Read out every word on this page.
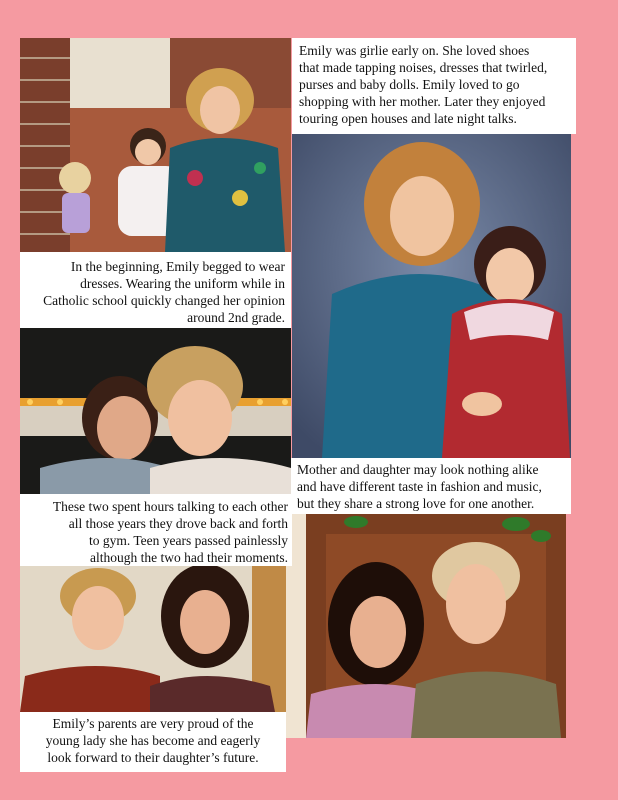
Emily was girlie early on. She loved shoes
that made tapping noises, dresses that twirled,
purses and baby dolls. Emily loved to go
shopping with her mother. Later they enjoyed
touring open houses and late night talks.
In the beginning, Emily begged to wear
dresses. Wearing the uniform while in
Catholic school quickly changed her opinion
around 2nd grade.
Mother and daughter may look nothing alike
and have different taste in fashion and music,
but they share a strong love for one another.
These two spent hours talking to each other
all those years they drove back and forth
to gym. Teen years passed painlessly
although the two had their moments.
Emily’s parents are very proud of the
young lady she has become and eagerly
look forward to their daughter’s future.
